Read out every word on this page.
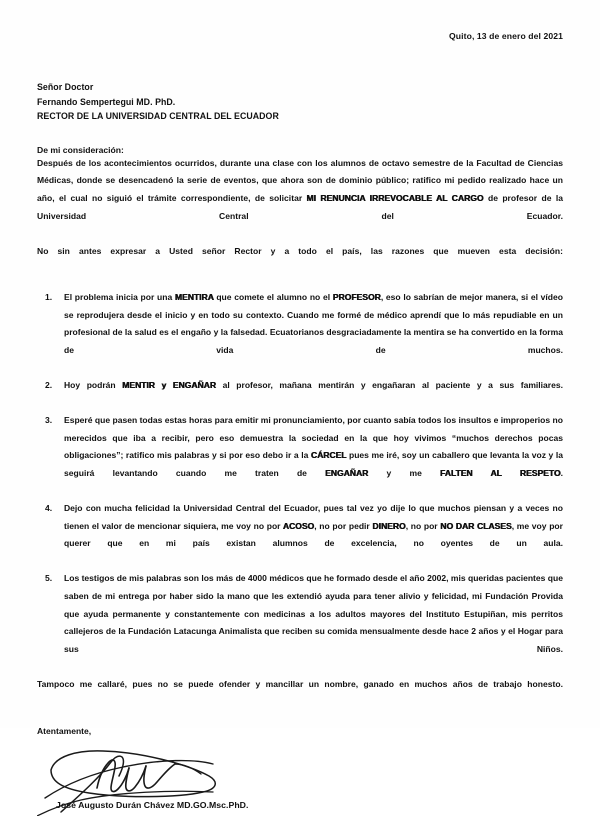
Quito, 13 de enero del 2021
Señor Doctor
Fernando Sempertegui MD. PhD.
RECTOR DE LA UNIVERSIDAD CENTRAL DEL ECUADOR
De mi consideración:

Después de los acontecimientos ocurridos, durante una clase con los alumnos de octavo semestre de la Facultad de Ciencias Médicas, donde se desencadenó la serie de eventos, que ahora son de dominio público; ratifico mi pedido realizado hace un año, el cual no siguió el trámite correspondiente, de solicitar MI RENUNCIA IRREVOCABLE AL CARGO de profesor de la Universidad Central del Ecuador.

No sin antes expresar a Usted señor Rector y a todo el país, las razones que mueven esta decisión:

El problema inicia por una MENTIRA que comete el alumno no el PROFESOR, eso lo sabrían de mejor manera, si el vídeo se reprodujera desde el inicio y en todo su contexto. Cuando me formé de médico aprendí que lo más repudiable en un profesional de la salud es el engaño y la falsedad. Ecuatorianos desgraciadamente la mentira se ha convertido en la forma de vida de muchos.
Hoy podrán MENTIR y ENGAÑAR al profesor, mañana mentirán y engañaran al paciente y a sus familiares.
Esperé que pasen todas estas horas para emitir mi pronunciamiento, por cuanto sabía todos los insultos e improperios no merecidos que iba a recibir, pero eso demuestra la sociedad en la que hoy vivimos “muchos derechos pocas obligaciones”; ratifico mis palabras y si por eso debo ir a la CÁRCEL pues me iré, soy un caballero que levanta la voz y la seguirá levantando cuando me traten de ENGAÑAR y me FALTEN AL RESPETO.
Dejo con mucha felicidad la Universidad Central del Ecuador, pues tal vez yo dije lo que muchos piensan y a veces no tienen el valor de mencionar siquiera, me voy no por ACOSO, no por pedir DINERO, no por NO DAR CLASES, me voy por querer que en mi país existan alumnos de excelencia, no oyentes de un aula.
Los testigos de mis palabras son los más de 4000 médicos que he formado desde el año 2002, mis queridas pacientes que saben de mi entrega por haber sido la mano que les extendió ayuda para tener alivio y felicidad, mi Fundación Provida que ayuda permanente y constantemente con medicinas a los adultos mayores del Instituto Estupiñan, mis perritos callejeros de la Fundación Latacunga Animalista que reciben su comida mensualmente desde hace 2 años y el Hogar para sus Niños.

Tampoco me callaré, pues no se puede ofender y mancillar un nombre, ganado en muchos años de trabajo honesto.

Atentamente,
José Augusto Durán Chávez MD.GO.Msc.PhD.
